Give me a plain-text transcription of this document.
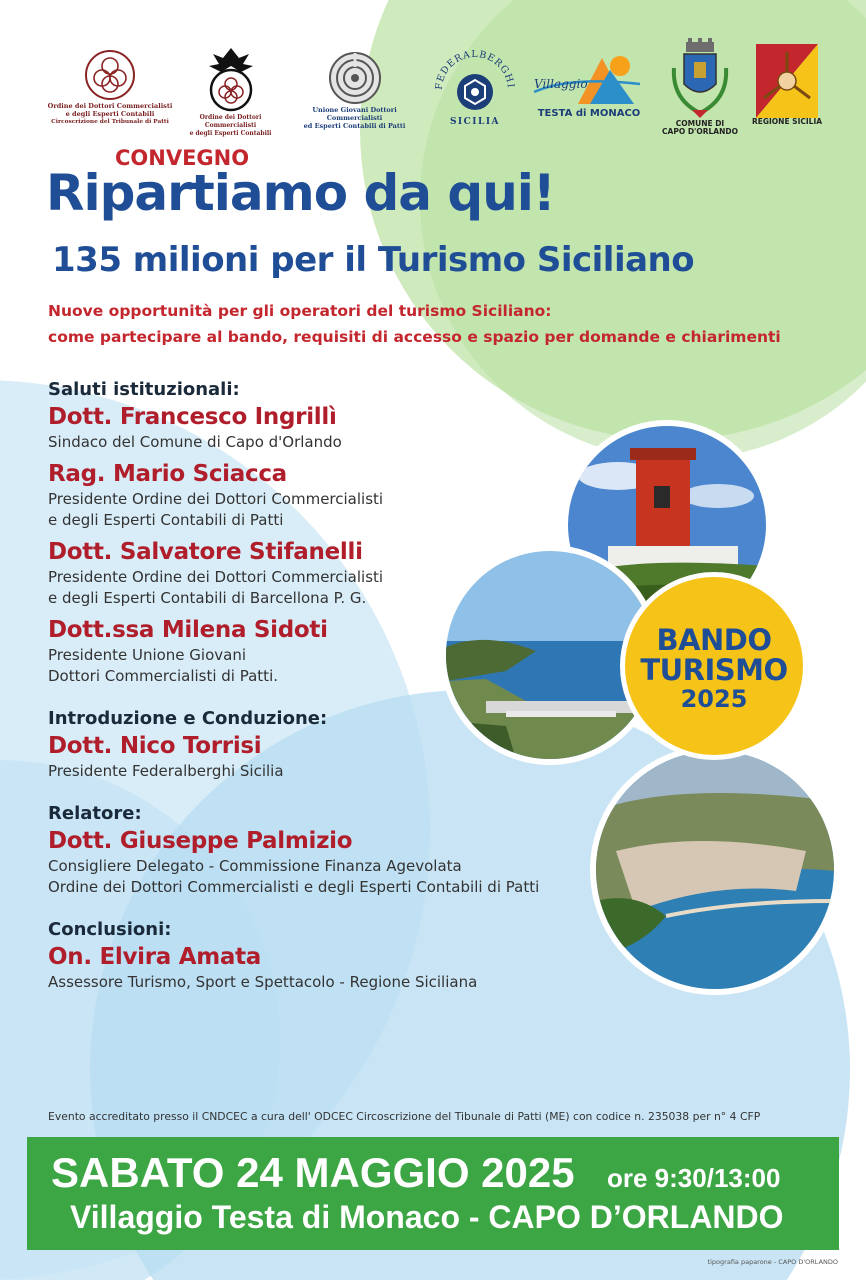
Ordine dei Dottori Commercialisti
e degli Esperti Contabili
Circoscrizione del Tribunale di Patti
Ordine dei Dottori Commercialisti
e degli Esperti Contabili
Unione Giovani Dottori Commercialisti
ed Esperti Contabili di Patti
FEDERALBERGHI
SICILIA
Villaggio
TESTA di MONACO
COMUNE DI
CAPO D'ORLANDO
REGIONE SICILIA
CONVEGNO
Ripartiamo da qui!
135 milioni per il Turismo Siciliano
Nuove opportunità per gli operatori del turismo Siciliano:
come partecipare al bando, requisiti di accesso e spazio per domande e chiarimenti
Saluti istituzionali:
Dott. Francesco Ingrillì
Sindaco del Comune di Capo d'Orlando
Rag. Mario Sciacca
Presidente Ordine dei Dottori Commercialisti
e degli Esperti Contabili di Patti
Dott. Salvatore Stifanelli
Presidente Ordine dei Dottori Commercialisti
e degli Esperti Contabili di Barcellona P. G.
Dott.ssa Milena Sidoti
Presidente Unione Giovani
Dottori Commercialisti di Patti.
Introduzione e Conduzione:
Dott. Nico Torrisi
Presidente Federalberghi Sicilia
Relatore:
Dott. Giuseppe Palmizio
Consigliere Delegato - Commissione Finanza Agevolata
Ordine dei Dottori Commercialisti e degli Esperti Contabili di Patti
Conclusioni:
On. Elvira Amata
Assessore Turismo, Sport e Spettacolo - Regione Siciliana
BANDO
TURISMO
2025
Evento accreditato presso il CNDCEC a cura dell' ODCEC Circoscrizione del Tibunale di Patti (ME) con codice n. 235038 per n° 4 CFP
SABATO 24 MAGGIO 2025 ore 9:30/13:00
Villaggio Testa di Monaco - CAPO D’ORLANDO
tipografia paparone - CAPO D'ORLANDO
